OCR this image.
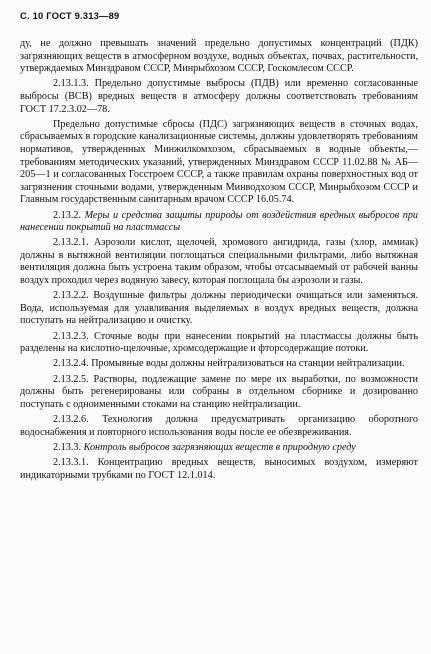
С. 10 ГОСТ 9.313—89

ду, не должно превышать значений предельно допустимых концентраций (ПДК) загрязняющих веществ в атмосферном воздухе, водных объектах, почвах, растительности, утверждаемых Минздравом СССР, Минрыбхозом СССР, Госкомлесом СССР.

2.13.1.3. Предельно допустимые выбросы (ПДВ) или временно согласованные выбросы (ВСВ) вредных веществ в атмосферу должны соответствовать требованиям ГОСТ 17.2.3.02—78.

Предельно допустимые сбросы (ПДС) загрязняющих веществ в сточных водах, сбрасываемых в городские канализационные системы, должны удовлетворять требованиям нормативов, утвержденных Минжилкомхозом, сбрасываемых в водные объекты,—требованиям методических указаний, утвержденных Минздравом СССР 11.02.88 № АБ—205—1 и согласованных Госстроем СССР, а также правилам охраны поверхностных вод от загрязнения сточными водами, утвержденным Минводхозом СССР, Минрыбхозом СССР и Главным государственным санитарным врачом СССР 16.05.74.

2.13.2. Меры и средства защиты природы от воздействия вредных выбросов при нанесении покрытий на пластмассы

2.13.2.1. Аэрозоли кислот, щелочей, хромового ангидрида, газы (хлор, аммиак) должны в вытяжной вентиляции поглощаться специальными фильтрами, либо вытяжная вентиляция должна быть устроена таким образом, чтобы отсасываемый от рабочей ванны воздух проходил через водяную завесу, которая поглощала бы аэрозоли и газы.

2.13.2.2. Воздушные фильтры должны периодически очищаться или заменяться. Вода, используемая для улавливания выделяемых в воздух вредных веществ, должна поступать на нейтрализацию и очистку.

2.13.2.3. Сточные воды при нанесении покрытий на пластмассы должны быть разделены на кислотно-щелочные, хромсодержащие и фторсодержащие потоки.

2.13.2.4. Промывные воды должны нейтрализоваться на станции нейтрализации.

2.13.2.5. Растворы, подлежащие замене по мере их выработки, по возможности должны быть регенерированы или собраны в отдельном сборнике и дозированно поступать с одноименными стоками на станцию нейтрализации.

2.13.2.6. Технология должна предусматривать организацию оборотного водоснабжения и повторного использования воды после ее обезвреживания.

2.13.3. Контроль выбросов загрязняющих веществ в природную среду

2.13.3.1. Концентрацию вредных веществ, выносимых воздухом, измеряют индикаторными трубками по ГОСТ 12.1.014.
